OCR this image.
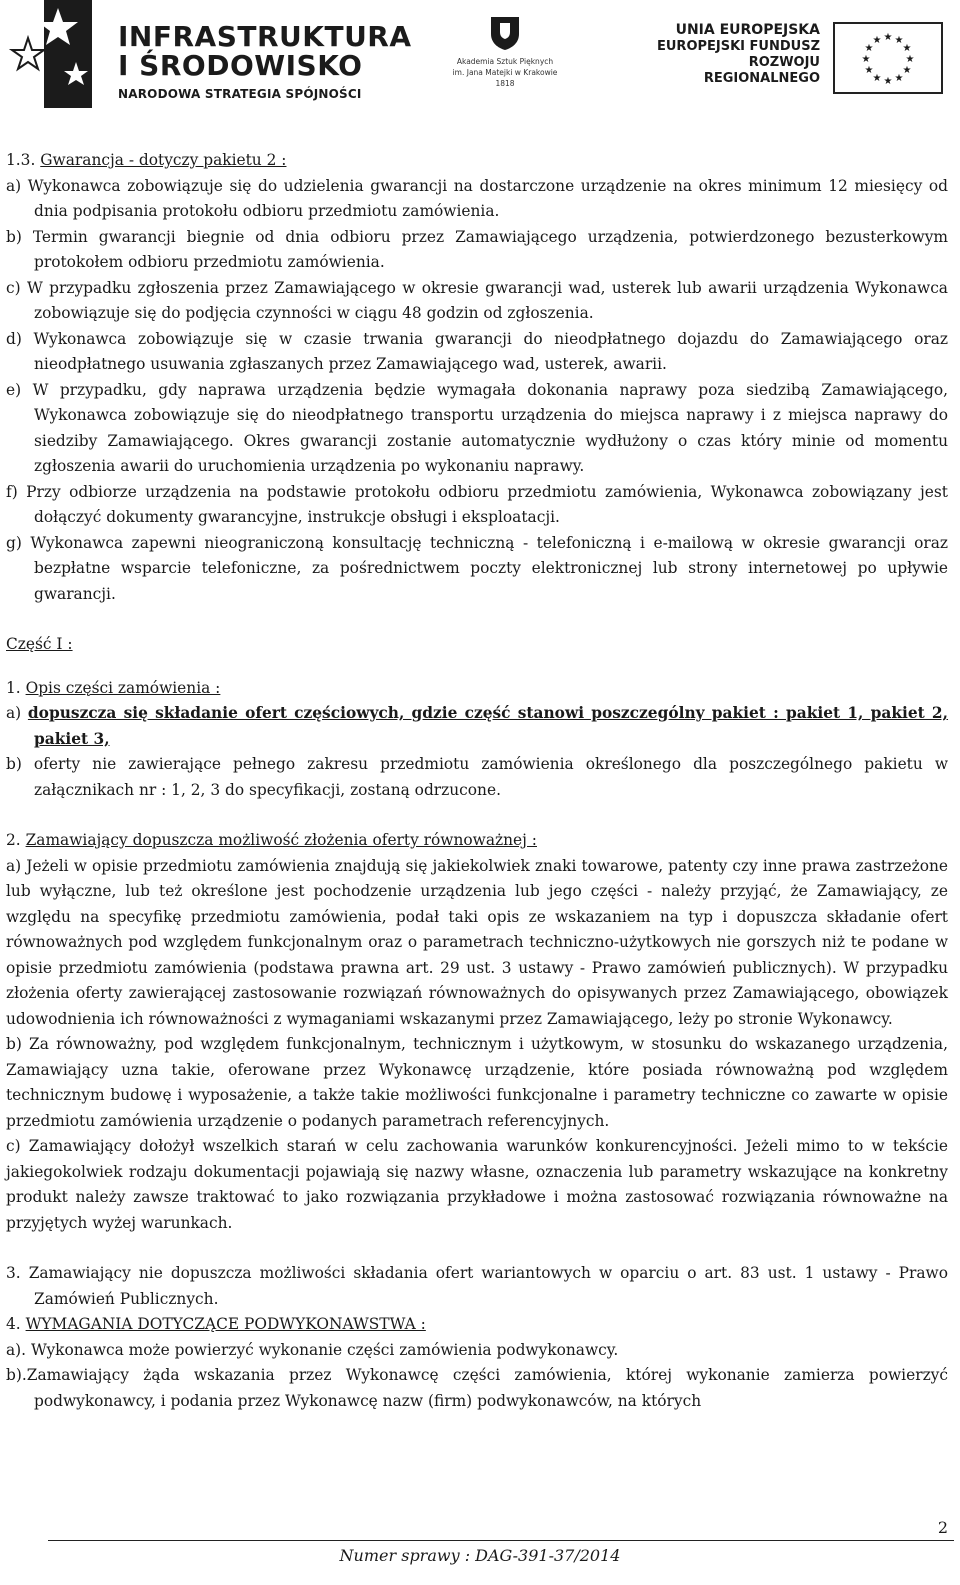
INFRASTRUKTURA
I ŚRODOWISKO
NARODOWA STRATEGIA SPÓJNOŚCI
Akademia Sztuk Pięknych
im. Jana Matejki w Krakowie
1818
UNIA EUROPEJSKA
EUROPEJSKI FUNDUSZ
ROZWOJU REGIONALNEGO
★ ★
★
★
★
★
★
★
★
★
★
★

1.3. Gwarancja - dotyczy pakietu 2 :

a) Wykonawca zobowiązuje się do udzielenia gwarancji na dostarczone urządzenie na okres minimum 12 miesięcy od dnia podpisania protokołu odbioru przedmiotu zamówienia.

b) Termin gwarancji biegnie od dnia odbioru przez Zamawiającego urządzenia, potwierdzonego bezusterkowym protokołem odbioru przedmiotu zamówienia.

c) W przypadku zgłoszenia przez Zamawiającego w okresie gwarancji wad, usterek lub awarii urządzenia Wykonawca zobowiązuje się do podjęcia czynności w ciągu 48 godzin od zgłoszenia.

d) Wykonawca zobowiązuje się w czasie trwania gwarancji do nieodpłatnego dojazdu do Zamawiającego oraz nieodpłatnego usuwania zgłaszanych przez Zamawiającego wad, usterek, awarii.

e) W przypadku, gdy naprawa urządzenia będzie wymagała dokonania naprawy poza siedzibą Zamawiającego, Wykonawca zobowiązuje się do nieodpłatnego transportu urządzenia do miejsca naprawy i z miejsca naprawy do siedziby Zamawiającego. Okres gwarancji zostanie automatycznie wydłużony o czas który minie od momentu zgłoszenia awarii do uruchomienia urządzenia po wykonaniu naprawy.

f) Przy odbiorze urządzenia na podstawie protokołu odbioru przedmiotu zamówienia, Wykonawca zobowiązany jest dołączyć dokumenty gwarancyjne, instrukcje obsługi i eksploatacji.

g) Wykonawca zapewni nieograniczoną konsultację techniczną - telefoniczną i e-mailową w okresie gwarancji oraz bezpłatne wsparcie telefoniczne, za pośrednictwem poczty elektronicznej lub strony internetowej po upływie gwarancji.

Część I :

1. Opis części zamówienia :

a) dopuszcza się składanie ofert częściowych, gdzie część stanowi poszczególny pakiet : pakiet 1, pakiet 2, pakiet 3,

b) oferty nie zawierające pełnego zakresu przedmiotu zamówienia określonego dla poszczególnego pakietu w załącznikach nr : 1, 2, 3 do specyfikacji, zostaną odrzucone.

2. Zamawiający dopuszcza możliwość złożenia oferty równoważnej :

a) Jeżeli w opisie przedmiotu zamówienia znajdują się jakiekolwiek znaki towarowe, patenty czy inne prawa zastrzeżone lub wyłączne, lub też określone jest pochodzenie urządzenia lub jego części - należy przyjąć, że Zamawiający, ze względu na specyfikę przedmiotu zamówienia, podał taki opis ze wskazaniem na typ i dopuszcza składanie ofert równoważnych pod względem funkcjonalnym oraz o parametrach techniczno-użytkowych nie gorszych niż te podane w opisie przedmiotu zamówienia (podstawa prawna art. 29 ust. 3 ustawy - Prawo zamówień publicznych). W przypadku złożenia oferty zawierającej zastosowanie rozwiązań równoważnych do opisywanych przez Zamawiającego, obowiązek udowodnienia ich równoważności z wymaganiami wskazanymi przez Zamawiającego, leży po stronie Wykonawcy.

b) Za równoważny, pod względem funkcjonalnym, technicznym i użytkowym, w stosunku do wskazanego urządzenia, Zamawiający uzna takie, oferowane przez Wykonawcę urządzenie, które posiada równoważną pod względem technicznym budowę i wyposażenie, a także takie możliwości funkcjonalne i parametry techniczne co zawarte w opisie przedmiotu zamówienia urządzenie o podanych parametrach referencyjnych.

c) Zamawiający dołożył wszelkich starań w celu zachowania warunków konkurencyjności. Jeżeli mimo to w tekście jakiegokolwiek rodzaju dokumentacji pojawiają się nazwy własne, oznaczenia lub parametry wskazujące na konkretny produkt należy zawsze traktować to jako rozwiązania przykładowe i można zastosować rozwiązania równoważne na przyjętych wyżej warunkach.

3. Zamawiający nie dopuszcza możliwości składania ofert wariantowych w oparciu o art. 83 ust. 1 ustawy - Prawo Zamówień Publicznych.

4. WYMAGANIA DOTYCZĄCE PODWYKONAWSTWA :

a). Wykonawca może powierzyć wykonanie części zamówienia podwykonawcy.

b).Zamawiający żąda wskazania przez Wykonawcę części zamówienia, której wykonanie zamierza powierzyć podwykonawcy, i podania przez Wykonawcę nazw (firm) podwykonawców, na których

2
Numer sprawy : DAG-391-37/2014
